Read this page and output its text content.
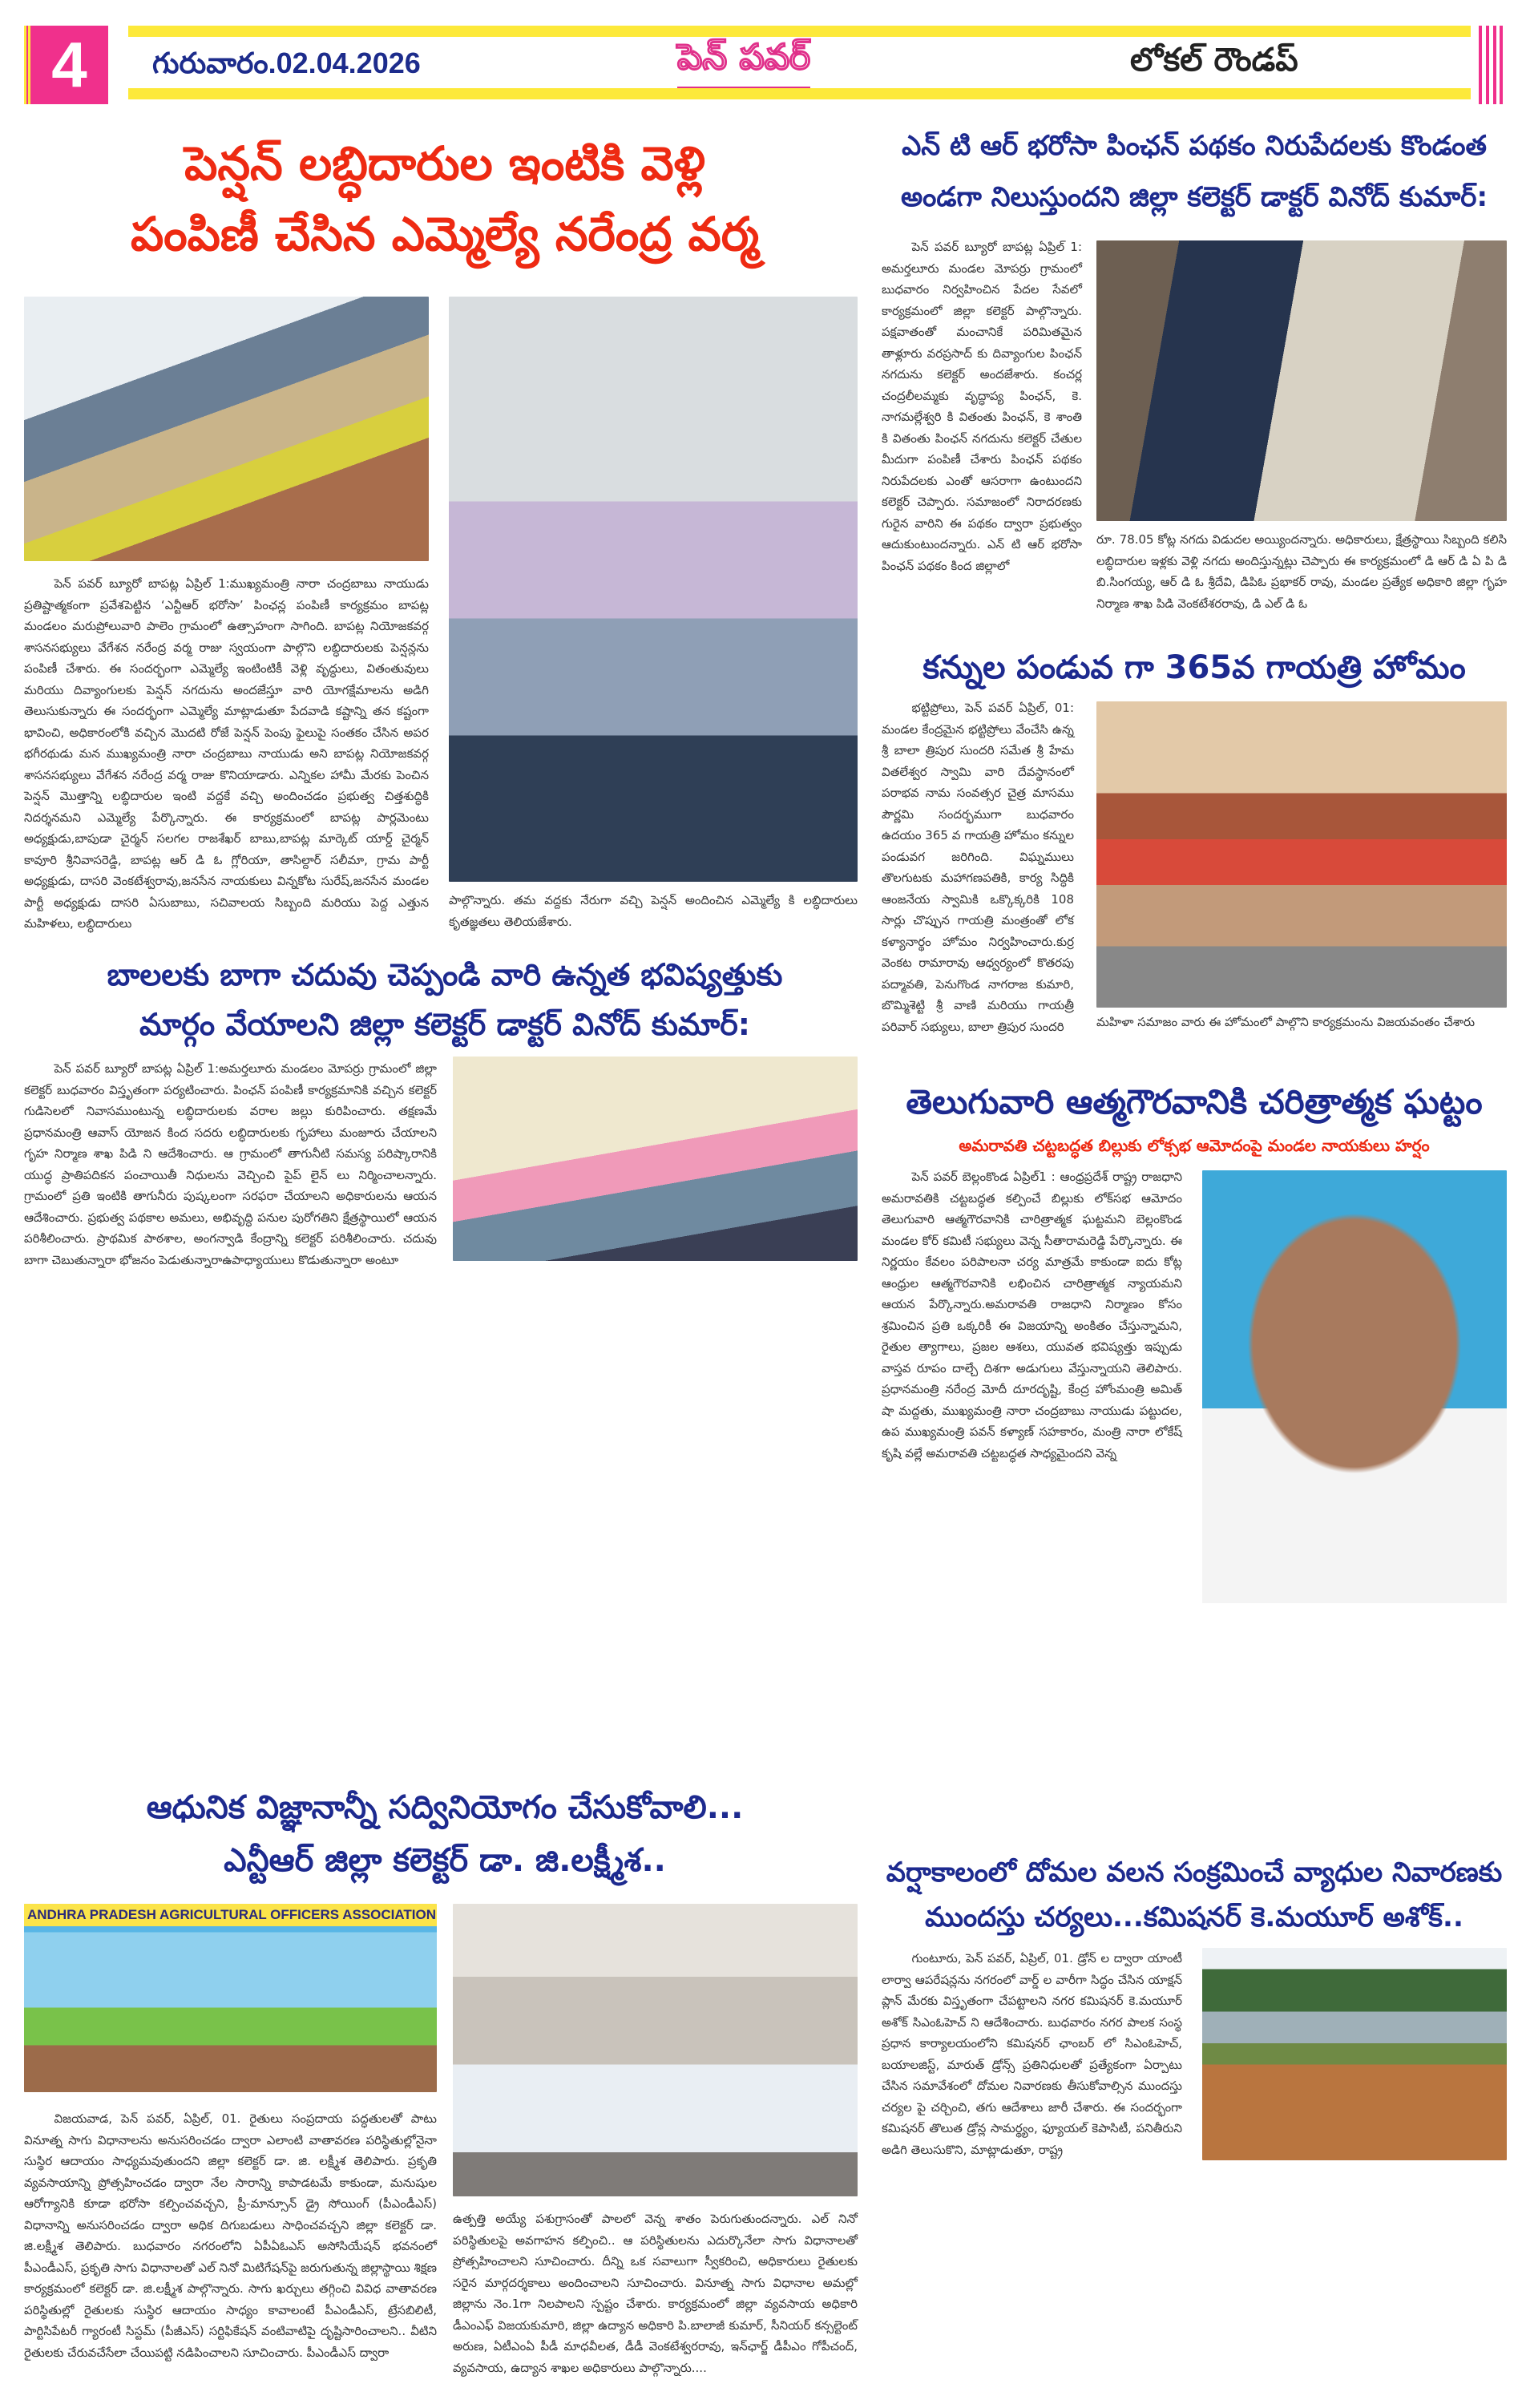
4	గురువారం.02.04.2026	పెన్ పవర్	లోకల్ రౌండప్
పెన్షన్ లబ్ధిదారుల ఇంటికి వెళ్లి
పంపిణీ చేసిన ఎమ్మెల్యే నరేంద్ర వర్మ

పెన్ పవర్ బ్యూరో బాపట్ల ఏప్రిల్ 1:ముఖ్యమంత్రి నారా చంద్రబాబు నాయుడు ప్రతిష్టాత్మకంగా ప్రవేశపెట్టిన ‘ఎన్టీఆర్ భరోసా’ పింఛన్ల పంపిణీ కార్యక్రమం బాపట్ల మండలం మరుప్రోలువారి పాలెం గ్రామంలో ఉత్సాహంగా సాగింది. బాపట్ల నియోజకవర్గ శాసనసభ్యులు వేగేశన నరేంద్ర వర్మ రాజు స్వయంగా పాల్గొని లబ్ధిదారులకు పెన్షన్లను పంపిణీ చేశారు. ఈ సందర్భంగా ఎమ్మెల్యే ఇంటింటికీ వెళ్లి వృద్ధులు, వితంతువులు మరియు దివ్యాంగులకు పెన్షన్ నగదును అందజేస్తూ వారి యోగక్షేమాలను అడిగి తెలుసుకున్నారు ఈ సందర్భంగా ఎమ్మెల్యే మాట్లాడుతూ పేదవాడి కష్టాన్ని తన కష్టంగా భావించి, అధికారంలోకి వచ్చిన మొదటి రోజే పెన్షన్ పెంపు ఫైలుపై సంతకం చేసిన అపర భగీరథుడు మన ముఖ్యమంత్రి నారా చంద్రబాబు నాయుడు అని బాపట్ల నియోజకవర్గ శాసనసభ్యులు వేగేశన నరేంద్ర వర్మ రాజు కొనియాడారు. ఎన్నికల హామీ మేరకు పెంచిన పెన్షన్ మొత్తాన్ని లబ్ధిదారుల ఇంటి వద్దకే వచ్చి అందించడం ప్రభుత్వ చిత్తశుద్ధికి నిదర్శనమని ఎమ్మెల్యే పేర్కొన్నారు. ఈ కార్యక్రమంలో బాపట్ల పార్లమెంటు అధ్యక్షుడు,బాపుడా చైర్మన్ సలగల రాజశేఖర్ బాబు,బాపట్ల మార్కెట్ యార్డ్ చైర్మన్ కావూరి శ్రీనివాసరెడ్డి, బాపట్ల ఆర్ డి ఓ గ్లోరియా, తాసిల్దార్ సలీమా, గ్రామ పార్టీ అధ్యక్షుడు, దాసరి వెంకటేశ్వరావు,జనసేన నాయకులు విన్నకోట సురేష్,జనసేన మండల పార్టీ అధ్యక్షుడు దాసరి ఏసుబాబు, సచివాలయ సిబ్బంది మరియు పెద్ద ఎత్తున మహిళలు, లబ్ధిదారులు

పాల్గొన్నారు. తమ వద్దకు నేరుగా వచ్చి పెన్షన్ అందించిన ఎమ్మెల్యే కి లబ్ధిదారులు కృతజ్ఞతలు తెలియజేశారు.
బాలలకు బాగా చదువు చెప్పండి వారి ఉన్నత భవిష్యత్తుకు
మార్గం వేయాలని జిల్లా కలెక్టర్ డాక్టర్ వినోద్ కుమార్:

పెన్ పవర్ బ్యూరో బాపట్ల ఏప్రిల్ 1:అమర్తలూరు మండలం మోపర్రు గ్రామంలో జిల్లా కలెక్టర్ బుధవారం విస్తృతంగా పర్యటించారు. పింఛన్ పంపిణీ కార్యక్రమానికి వచ్చిన కలెక్టర్ గుడిసెలలో నివాసముంటున్న లబ్ధిదారులకు వరాల జల్లు కురిపించారు. తక్షణమే ప్రధానమంత్రి ఆవాస్ యోజన కింద సదరు లబ్ధిదారులకు గృహాలు మంజూరు చేయాలని గృహ నిర్మాణ శాఖ పిడి ని ఆదేశించారు. ఆ గ్రామంలో తాగునీటి సమస్య పరిష్కారానికి యుద్ధ ప్రాతిపదికన పంచాయితీ నిధులను వెచ్చించి పైప్ లైన్ లు నిర్మించాలన్నారు. గ్రామంలో ప్రతి ఇంటికి తాగునీరు పుష్కలంగా సరఫరా చేయాలని అధికారులను ఆయన ఆదేశించారు. ప్రభుత్వ పథకాల అమలు, అభివృద్ధి పనుల పురోగతిని క్షేత్రస్థాయిలో ఆయన పరిశీలించారు. ప్రాథమిక పాఠశాల, అంగన్వాడి కేంద్రాన్ని కలెక్టర్ పరిశీలించారు. చదువు బాగా చెబుతున్నారా భోజనం పెడుతున్నారాఉపాధ్యాయులు కొడుతున్నారా అంటూ

ఆధునిక విజ్ఞానాన్నీ సద్వినియోగం చేసుకోవాలి...
ఎన్టీఆర్ జిల్లా కలెక్టర్ డా. జి.లక్ష్మీశ..
ANDHRA PRADESH AGRICULTURAL OFFICERS ASSOCIATION

విజయవాడ, పెన్ పవర్, ఏప్రిల్, 01. రైతులు సంప్రదాయ పద్ధతులతో పాటు వినూత్న సాగు విధానాలను అనుసరించడం ద్వారా ఎలాంటి వాతావరణ పరిస్థితుల్లోనైనా సుస్థిర ఆదాయం సాధ్యమవుతుందని జిల్లా కలెక్టర్ డా. జి. లక్ష్మీశ తెలిపారు. ప్రకృతి వ్యవసాయాన్ని ప్రోత్సహించడం ద్వారా నేల సారాన్ని కాపాడటమే కాకుండా, మనుషుల ఆరోగ్యానికి కూడా భరోసా కల్పించవచ్చని, ప్రీ-మాన్సూన్ డ్రై సోయింగ్ (పీఎండీఎస్) విధానాన్ని అనుసరించడం ద్వారా అధిక దిగుబడులు సాధించవచ్చని జిల్లా కలెక్టర్ డా. జి.లక్ష్మీశ తెలిపారు. బుధవారం నగరంలోని ఏపీఏఓఎస్ అసోసియేషన్ భవనంలో పీఎండీఎస్, ప్రకృతి సాగు విధానాలతో ఎల్ నినో మిటిగేషన్‌పై జరుగుతున్న జిల్లాస్థాయి శిక్షణ కార్యక్రమంలో కలెక్టర్ డా. జి.లక్ష్మీశ పాల్గొన్నారు. సాగు ఖర్చులు తగ్గించి వివిధ వాతావరణ పరిస్థితుల్లో రైతులకు సుస్థిర ఆదాయం సాధ్యం కావాలంటే పీఎండీఎస్, ట్రేసబిలిటీ, పార్టిసిపేటరీ గ్యారంటీ సిస్టమ్ (పీజీఎస్) సర్టిఫికేషన్ వంటివాటిపై దృష్టిసారించాలని.. వీటిని రైతులకు చేరువచేసేలా చేయిపట్టి నడిపించాలని సూచించారు. పీఎండీఎస్ ద్వారా

ఉత్పత్తి అయ్యే పశుగ్రాసంతో పాలలో వెన్న శాతం పెరుగుతుందన్నారు. ఎల్ నినో పరిస్థితులపై అవగాహన కల్పించి.. ఆ పరిస్థితులను ఎదుర్కొనేలా సాగు విధానాలతో ప్రోత్సహించాలని సూచించారు. దీన్ని ఒక సవాలుగా స్వీకరించి, అధికారులు రైతులకు సరైన మార్గదర్శకాలు అందించాలని సూచించారు. వినూత్న సాగు విధానాల అమల్లో జిల్లాను నెం.1గా నిలపాలని స్పష్టం చేశారు. కార్యక్రమంలో జిల్లా వ్యవసాయ అధికారి డీఎంఎఫ్ విజయకుమారి, జిల్లా ఉద్యాన అధికారి పి.బాలాజీ కుమార్, సీనియర్ కన్సల్టెంట్ అరుణ, ఏటీఎంఏ పీడీ మాధవీలత, డీడీ వెంకటేశ్వరరావు, ఇన్‌ఛార్జ్ డీపీఎం గోపీచంద్, వ్యవసాయ, ఉద్యాన శాఖల అధికారులు పాల్గొన్నారు....
ఎన్ టి ఆర్ భరోసా పింఛన్ పథకం నిరుపేదలకు కొండంత
అండగా నిలుస్తుందని జిల్లా కలెక్టర్ డాక్టర్ వినోద్ కుమార్:

పెన్ పవర్ బ్యూరో బాపట్ల ఏప్రిల్ 1: అమర్తలూరు మండల మోపర్రు గ్రామంలో బుధవారం నిర్వహించిన పేదల సేవలో కార్యక్రమంలో జిల్లా కలెక్టర్ పాల్గొన్నారు. పక్షవాతంతో మంచానికే పరిమితమైన తాళ్లూరు వరప్రసాద్ కు దివ్యాంగుల పింఛన్ నగదును కలెక్టర్ అందజేశారు. కంచర్ల చంద్రలీలమ్మకు వృద్ధాప్య పింఛన్, కె. నాగమల్లేశ్వరి కి వితంతు పింఛన్, కె శాంతి కి వితంతు పింఛన్ నగదును కలెక్టర్ చేతుల మీదుగా పంపిణీ చేశారు పింఛన్ పథకం నిరుపేదలకు ఎంతో ఆసరాగా ఉంటుందని కలెక్టర్ చెప్పారు. సమాజంలో నిరాదరణకు గురైన వారిని ఈ పథకం ద్వారా ప్రభుత్వం ఆదుకుంటుందన్నారు. ఎన్ టి ఆర్ భరోసా పింఛన్ పథకం కింద జిల్లాలో

రూ. 78.05 కోట్ల నగదు విడుదల అయ్యిందన్నారు. అధికారులు, క్షేత్రస్థాయి సిబ్బంది కలిసి లబ్ధిదారుల ఇళ్లకు వెళ్లి నగదు అందిస్తున్నట్లు చెప్పారు ఈ కార్యక్రమంలో డి ఆర్ డి ఏ పి డి బి.సింగయ్య, ఆర్ డి ఓ శ్రీదేవి, డిపిఓ ప్రభాకర్ రావు, మండల ప్రత్యేక అధికారి జిల్లా గృహ నిర్మాణ శాఖ పిడి వెంకటేశరరావు, డి ఎల్ డి ఓ
కన్నుల పండువ గా 365వ గాయత్రి హోమం

భట్టిప్రోలు, పెన్ పవర్ ఏప్రిల్, 01: మండల కేంద్రమైన భట్టిప్రోలు వేంచేసి ఉన్న శ్రీ బాలా త్రిపుర సుందరి సమేత శ్రీ హేమ వితలేశ్వర స్వామి వారి దేవస్థానంలో పరాభవ నామ సంవత్సర చైత్ర మాసము పౌర్ణమి సందర్భముగా బుధవారం ఉదయం 365 వ గాయత్రి హోమం కన్నుల పండువగ జరిగింది. విఘ్నములు తొలగుటకు మహాగణపతికి, కార్య సిద్ధికి ఆంజనేయ స్వామికి ఒక్కొక్కరికి 108 సార్లు చొప్పున గాయత్రి మంత్రంతో లోక కళ్యానార్థం హోమం నిర్వహించారు.కుర్ర వెంకట రామారావు ఆధ్వర్యంలో కొతరపు పద్మావతి, పెనుగొండ నాగరాజ కుమారి, బొమ్మిశెట్టి శ్రీ వాణి మరియు గాయత్రీ పరివార్ సభ్యులు, బాలా త్రిపుర సుందరి	మహిళా సమాజం వారు ఈ హోమంలో పాల్గొని కార్యక్రమంను విజయవంతం చేశారు
తెలుగువారి ఆత్మగౌరవానికి చరిత్రాత్మక ఘట్టం
అమరావతి చట్టబద్ధత బిల్లుకు లోక్సభ ఆమోదంపై మండల నాయకులు హర్షం

పెన్ పవర్ బెల్లంకొండ ఏప్రిల్1 : ఆంధ్రప్రదేశ్ రాష్ట్ర రాజధాని అమరావతికి చట్టబద్ధత కల్పించే బిల్లుకు లోక్‌సభ ఆమోదం తెలుగువారి ఆత్మగౌరవానికి చారిత్రాత్మక ఘట్టమని బెల్లంకొండ మండల కోర్ కమిటీ సభ్యులు వెన్న సీతారామరెడ్డి పేర్కొన్నారు. ఈ నిర్ణయం కేవలం పరిపాలనా చర్య మాత్రమే కాకుండా ఐదు కోట్ల ఆంధ్రుల ఆత్మగౌరవానికి లభించిన చారిత్రాత్మక న్యాయమని ఆయన పేర్కొన్నారు.అమరావతి రాజధాని నిర్మాణం కోసం శ్రమించిన ప్రతి ఒక్కరికీ ఈ విజయాన్ని అంకితం చేస్తున్నామని, రైతుల త్యాగాలు, ప్రజల ఆశలు, యువత భవిష్యత్తు ఇప్పుడు వాస్తవ రూపం దాల్చే దిశగా అడుగులు వేస్తున్నాయని తెలిపారు. ప్రధానమంత్రి నరేంద్ర మోదీ దూరదృష్టి, కేంద్ర హోంమంత్రి అమిత్ షా మద్దతు, ముఖ్యమంత్రి నారా చంద్రబాబు నాయుడు పట్టుదల, ఉప ముఖ్యమంత్రి పవన్ కళ్యాణ్ సహకారం, మంత్రి నారా లోకేష్ కృషి వల్లే అమరావతి చట్టబద్ధత సాధ్యమైందని వెన్న

వర్షాకాలంలో దోమల వలన సంక్రమించే వ్యాధుల నివారణకు
ముందస్తు చర్యలు...కమిషనర్ కె.మయూర్ అశోక్..

గుంటూరు, పెన్ పవర్, ఏప్రిల్, 01. డ్రోన్ ల ద్వారా యాంటీ లార్వా ఆపరేషన్లను నగరంలో వార్డ్ ల వారీగా సిద్ధం చేసిన యాక్షన్ ప్లాన్ మేరకు విస్తృతంగా చేపట్టాలని నగర కమిషనర్ కె.మయూర్ అశోక్ సిఎంఓహెచ్ ని ఆదేశించారు. బుధవారం నగర పాలక సంస్థ ప్రధాన కార్యాలయంలోని కమిషనర్ ఛాంబర్ లో సిఎంఓహెచ్, బయాలజిస్ట్, మారుత్ డ్రోన్స్ ప్రతినిధులతో ప్రత్యేకంగా ఏర్పాటు చేసిన సమావేశంలో దోమల నివారణకు తీసుకోవాల్సిన ముందస్తు చర్యల పై చర్చించి, తగు ఆదేశాలు జారీ చేశారు. ఈ సందర్భంగా కమిషనర్ తొలుత డ్రోన్ల సామర్థ్యం, ఫ్యూయల్ కెపాసిటీ, పనితీరుని అడిగి తెలుసుకొని, మాట్లాడుతూ, రాష్ట్ర
